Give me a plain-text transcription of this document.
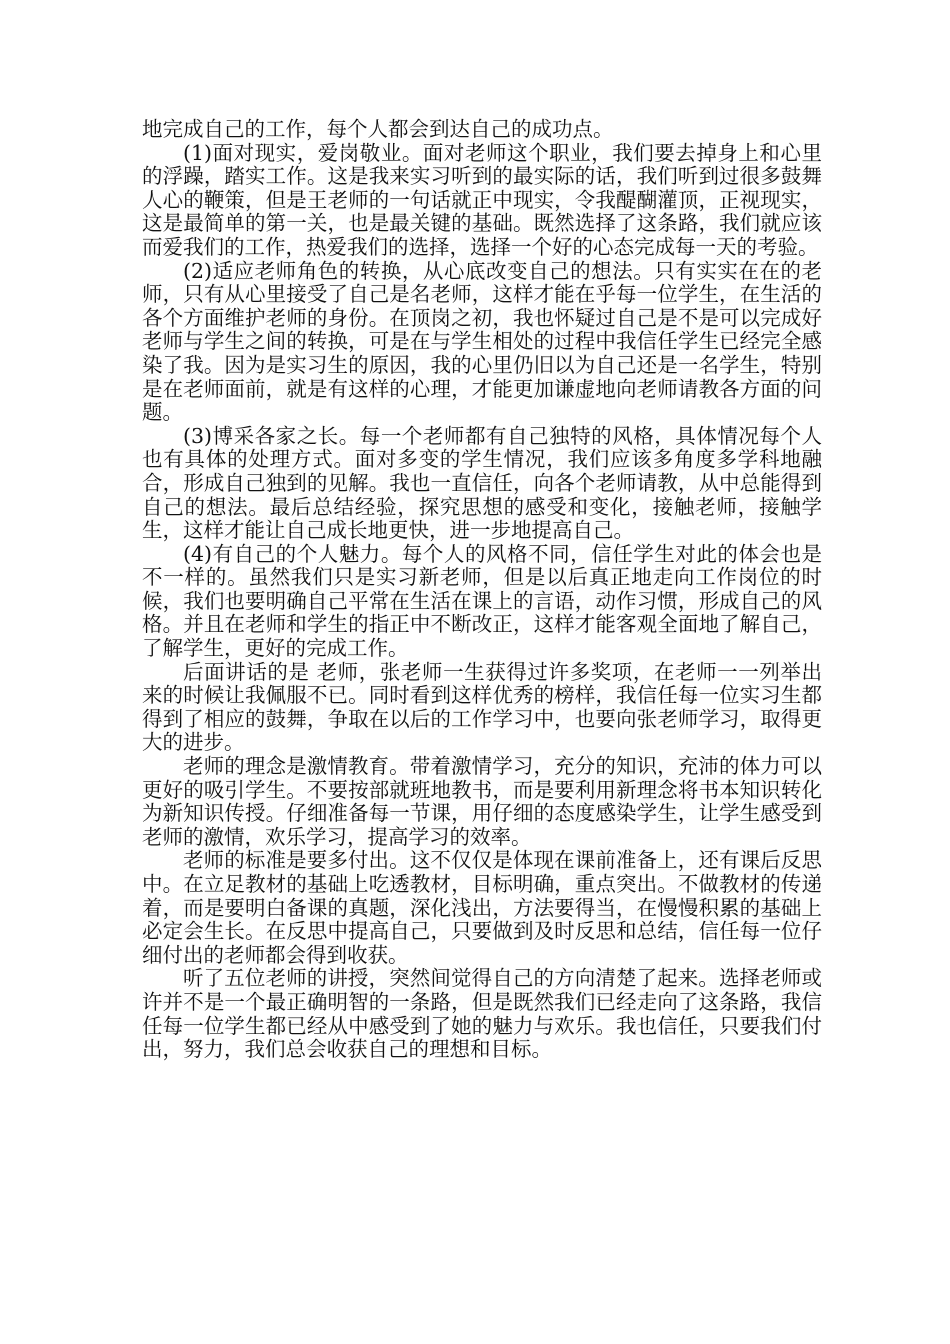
地完成自己的工作，每个人都会到达自己的成功点。

(1)面对现实，爱岗敬业。面对老师这个职业，我们要去掉身上和心里的浮躁，踏实工作。这是我来实习听到的最实际的话，我们听到过很多鼓舞人心的鞭策，但是王老师的一句话就正中现实，令我醍醐灌顶，正视现实，这是最简单的第一关，也是最关键的基础。既然选择了这条路，我们就应该而爱我们的工作，热爱我们的选择，选择一个好的心态完成每一天的考验。

(2)适应老师角色的转换，从心底改变自己的想法。只有实实在在的老师，只有从心里接受了自己是名老师，这样才能在乎每一位学生，在生活的各个方面维护老师的身份。在顶岗之初，我也怀疑过自己是不是可以完成好老师与学生之间的转换，可是在与学生相处的过程中我信任学生已经完全感染了我。因为是实习生的原因，我的心里仍旧以为自己还是一名学生，特别是在老师面前，就是有这样的心理，才能更加谦虚地向老师请教各方面的问题。

(3)博采各家之长。每一个老师都有自己独特的风格，具体情况每个人也有具体的处理方式。面对多变的学生情况，我们应该多角度多学科地融合，形成自己独到的见解。我也一直信任，向各个老师请教，从中总能得到自己的想法。最后总结经验，探究思想的感受和变化，接触老师，接触学生，这样才能让自己成长地更快，进一步地提高自己。

(4)有自己的个人魅力。每个人的风格不同，信任学生对此的体会也是不一样的。虽然我们只是实习新老师，但是以后真正地走向工作岗位的时候，我们也要明确自己平常在生活在课上的言语，动作习惯，形成自己的风格。并且在老师和学生的指正中不断改正，这样才能客观全面地了解自己，了解学生，更好的完成工作。

后面讲话的是 老师，张老师一生获得过许多奖项，在老师一一列举出来的时候让我佩服不已。同时看到这样优秀的榜样，我信任每一位实习生都得到了相应的鼓舞，争取在以后的工作学习中，也要向张老师学习，取得更大的进步。

老师的理念是激情教育。带着激情学习，充分的知识，充沛的体力可以更好的吸引学生。不要按部就班地教书，而是要利用新理念将书本知识转化为新知识传授。仔细准备每一节课，用仔细的态度感染学生，让学生感受到老师的激情，欢乐学习，提高学习的效率。

老师的标准是要多付出。这不仅仅是体现在课前准备上，还有课后反思中。在立足教材的基础上吃透教材，目标明确，重点突出。不做教材的传递着，而是要明白备课的真题，深化浅出，方法要得当，在慢慢积累的基础上必定会生长。在反思中提高自己，只要做到及时反思和总结，信任每一位仔细付出的老师都会得到收获。

听了五位老师的讲授，突然间觉得自己的方向清楚了起来。选择老师或许并不是一个最正确明智的一条路，但是既然我们已经走向了这条路，我信任每一位学生都已经从中感受到了她的魅力与欢乐。我也信任，只要我们付出，努力，我们总会收获自己的理想和目标。
